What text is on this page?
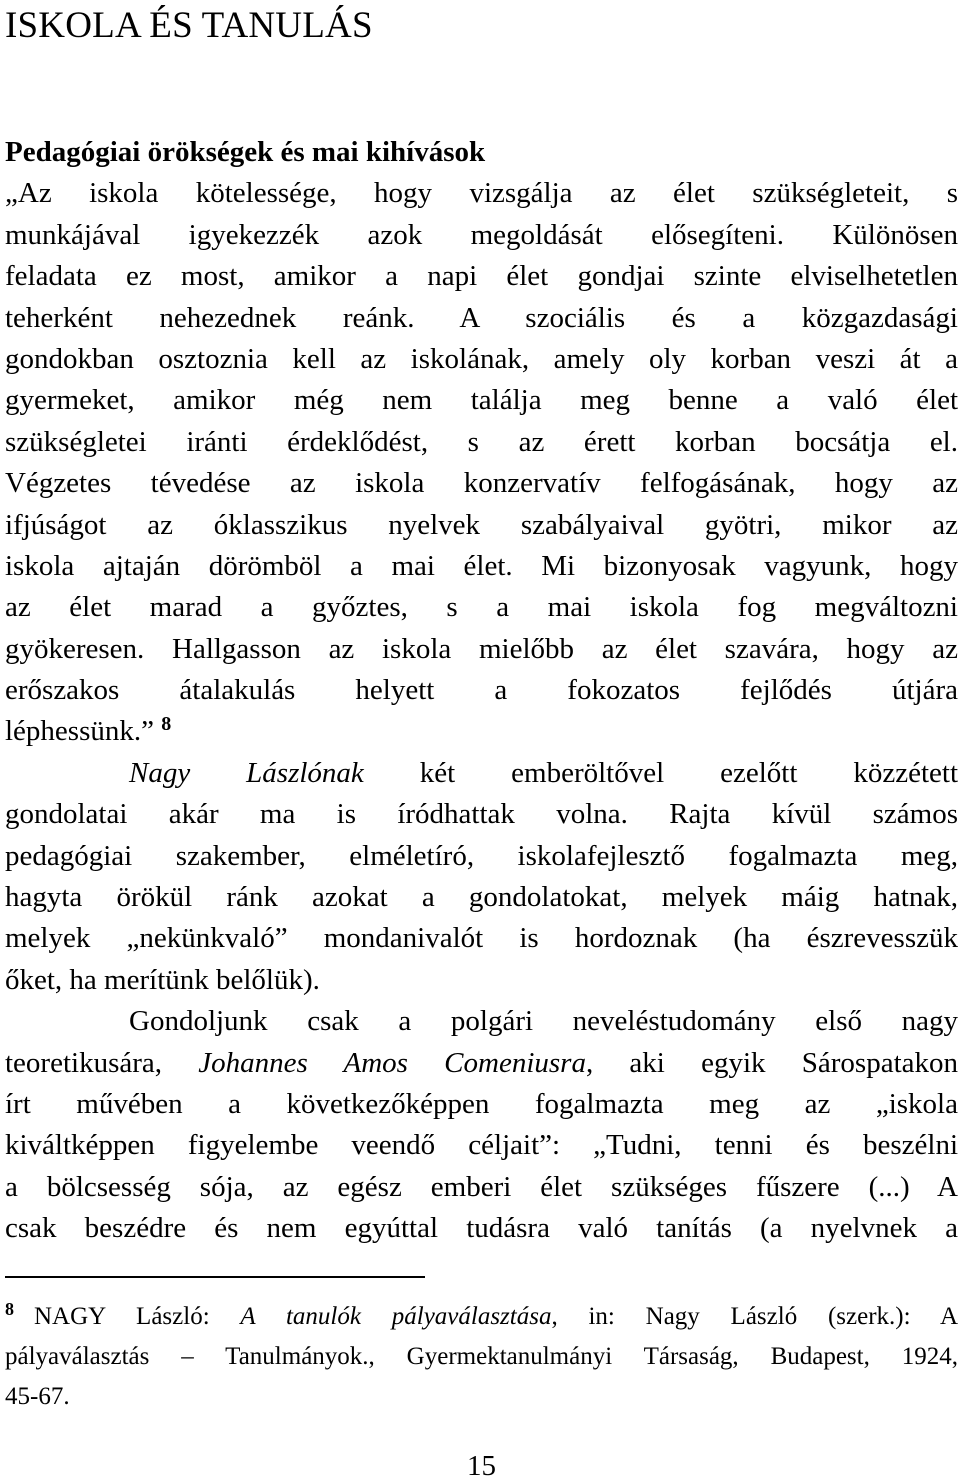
ISKOLA ÉS TANULÁS
Pedagógiai örökségek és mai kihívások
„Az iskola kötelessége, hogy vizsgálja az élet szükségleteit, s
munkájával igyekezzék azok megoldását elősegíteni. Különösen
feladata ez most, amikor a napi élet gondjai szinte elviselhetetlen
teherként nehezednek reánk. A szociális és a közgazdasági
gondokban osztoznia kell az iskolának, amely oly korban veszi át a
gyermeket, amikor még nem találja meg benne a való élet
szükségletei iránti érdeklődést, s az érett korban bocsátja el.
Végzetes tévedése az iskola konzervatív felfogásának, hogy az
ifjúságot az óklasszikus nyelvek szabályaival gyötri, mikor az
iskola ajtaján dörömböl a mai élet. Mi bizonyosak vagyunk, hogy
az élet marad a győztes, s a mai iskola fog megváltozni
gyökeresen. Hallgasson az iskola mielőbb az élet szavára, hogy az
erőszakos átalakulás helyett a fokozatos fejlődés útjára
léphessünk.” $^8$
Nagy Lászlónak két emberöltővel ezelőtt közzétett
gondolatai akár ma is íródhattak volna. Rajta kívül számos
pedagógiai szakember, elméletíró, iskolafejlesztő fogalmazta meg,
hagyta örökül ránk azokat a gondolatokat, melyek máig hatnak,
melyek „nekünkvaló” mondanivalót is hordoznak (ha észrevesszük
őket, ha merítünk belőlük).
Gondoljunk csak a polgári neveléstudomány első nagy
teoretikusára, Johannes Amos Comeniusra, aki egyik Sárospatakon
írt művében a következőképpen fogalmazta meg az „iskola
kiváltképpen figyelembe veendő céljait”: „Tudni, tenni és beszélni
a bölcsesség sója, az egész emberi élet szükséges fűszere (...) A
csak beszédre és nem egyúttal tudásra való tanítás (a nyelvnek a
$^8$ NAGY László: A tanulók pályaválasztása, in: Nagy László (szerk.): A
pályaválasztás – Tanulmányok., Gyermektanulmányi Társaság, Budapest, 1924,
45-67.
15
